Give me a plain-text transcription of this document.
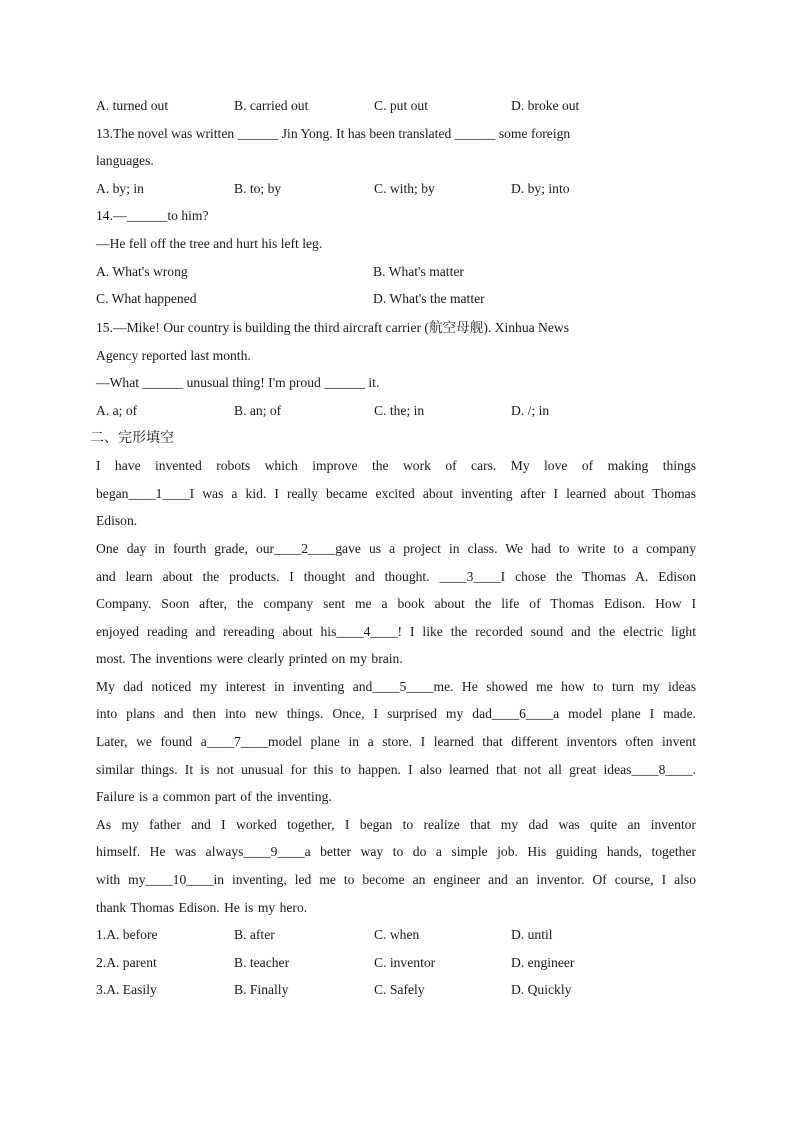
A. turned out	B. carried out	C. put out	D. broke out
13.The novel was written ______ Jin Yong. It has been translated ______ some foreign
languages.
A. by; in	B. to; by	C. with; by	D. by; into
14.—______to him?
—He fell off the tree and hurt his left leg.
A. What's wrong	B. What's matter
C. What happened	D. What's the matter
15.—Mike! Our country is building the third aircraft carrier (航空母舰). Xinhua News
Agency reported last month.
—What ______ unusual thing! I'm proud ______ it.
A. a; of	B. an; of	C. the; in	D. /; in
二、完形填空
I have invented robots which improve the work of cars. My love of making things
began____1____I was a kid. I really became excited about inventing after I learned about Thomas
Edison.
One day in fourth grade, our____2____gave us a project in class. We had to write to a company
and learn about the products. I thought and thought. ____3____I chose the Thomas A. Edison
Company. Soon after, the company sent me a book about the life of Thomas Edison. How I
enjoyed reading and rereading about his____4____! I like the recorded sound and the electric light
most. The inventions were clearly printed on my brain.
My dad noticed my interest in inventing and____5____me. He showed me how to turn my ideas
into plans and then into new things. Once, I surprised my dad____6____a model plane I made.
Later, we found a____7____model plane in a store. I learned that different inventors often invent
similar things. It is not unusual for this to happen. I also learned that not all great ideas____8____.
Failure is a common part of the inventing.
As my father and I worked together, I began to realize that my dad was quite an inventor
himself. He was always____9____a better way to do a simple job. His guiding hands, together
with my____10____in inventing, led me to become an engineer and an inventor. Of course, I also
thank Thomas Edison. He is my hero.
1.A. before	B. after	C. when	D. until
2.A. parent	B. teacher	C. inventor	D. engineer
3.A. Easily	B. Finally	C. Safely	D. Quickly
